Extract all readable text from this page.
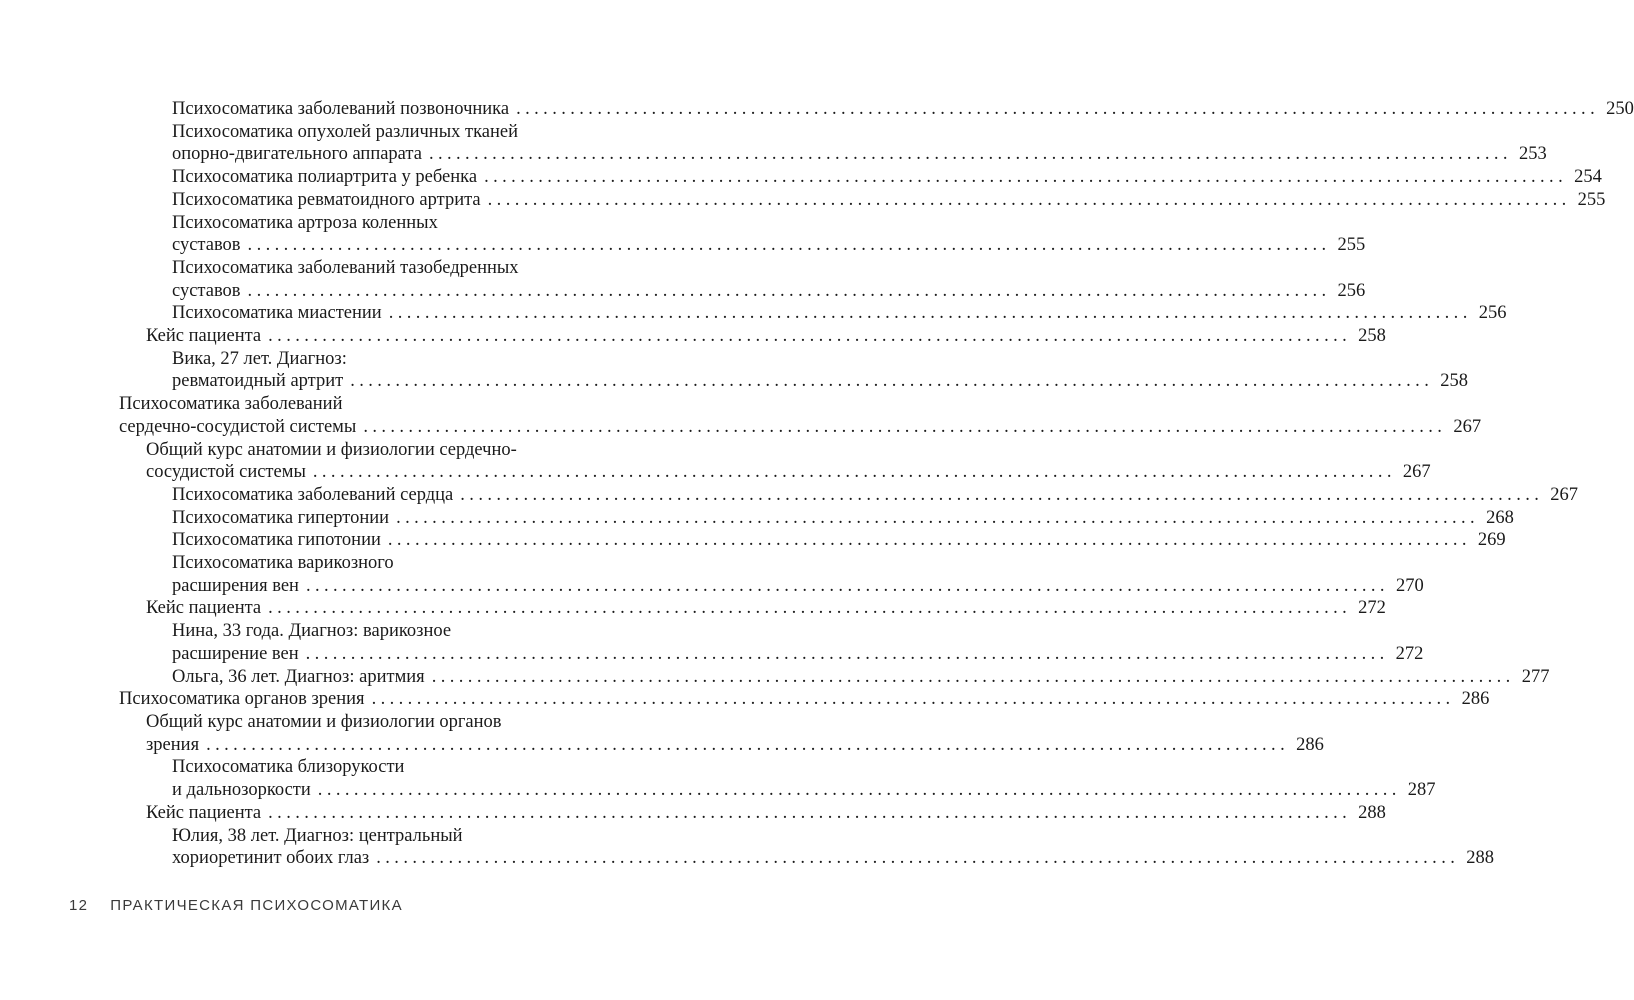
Психосоматика заболеваний позвоночника ........................................................................................................................ 250
Психосоматика опухолей различных тканей
опорно-двигательного аппарата ........................................................................................................................ 253
Психосоматика полиартрита у ребенка ........................................................................................................................ 254
Психосоматика ревматоидного артрита ........................................................................................................................ 255
Психосоматика артроза коленных
суставов ........................................................................................................................ 255
Психосоматика заболеваний тазобедренных
суставов ........................................................................................................................ 256
Психосоматика миастении ........................................................................................................................ 256
Кейс пациента ........................................................................................................................ 258
Вика, 27 лет. Диагноз:
ревматоидный артрит ........................................................................................................................ 258
Психосоматика заболеваний
сердечно-сосудистой системы ........................................................................................................................ 267
Общий курс анатомии и физиологии сердечно-
сосудистой системы ........................................................................................................................ 267
Психосоматика заболеваний сердца ........................................................................................................................ 267
Психосоматика гипертонии ........................................................................................................................ 268
Психосоматика гипотонии ........................................................................................................................ 269
Психосоматика варикозного
расширения вен ........................................................................................................................ 270
Кейс пациента ........................................................................................................................ 272
Нина, 33 года. Диагноз: варикозное
расширение вен ........................................................................................................................ 272
Ольга, 36 лет. Диагноз: аритмия ........................................................................................................................ 277
Психосоматика органов зрения ........................................................................................................................ 286
Общий курс анатомии и физиологии органов
зрения ........................................................................................................................ 286
Психосоматика близорукости
и дальнозоркости ........................................................................................................................ 287
Кейс пациента ........................................................................................................................ 288
Юлия, 38 лет. Диагноз: центральный
хориоретинит обоих глаз ........................................................................................................................ 288
12 ПРАКТИЧЕСКАЯ ПСИХОСОМАТИКА
